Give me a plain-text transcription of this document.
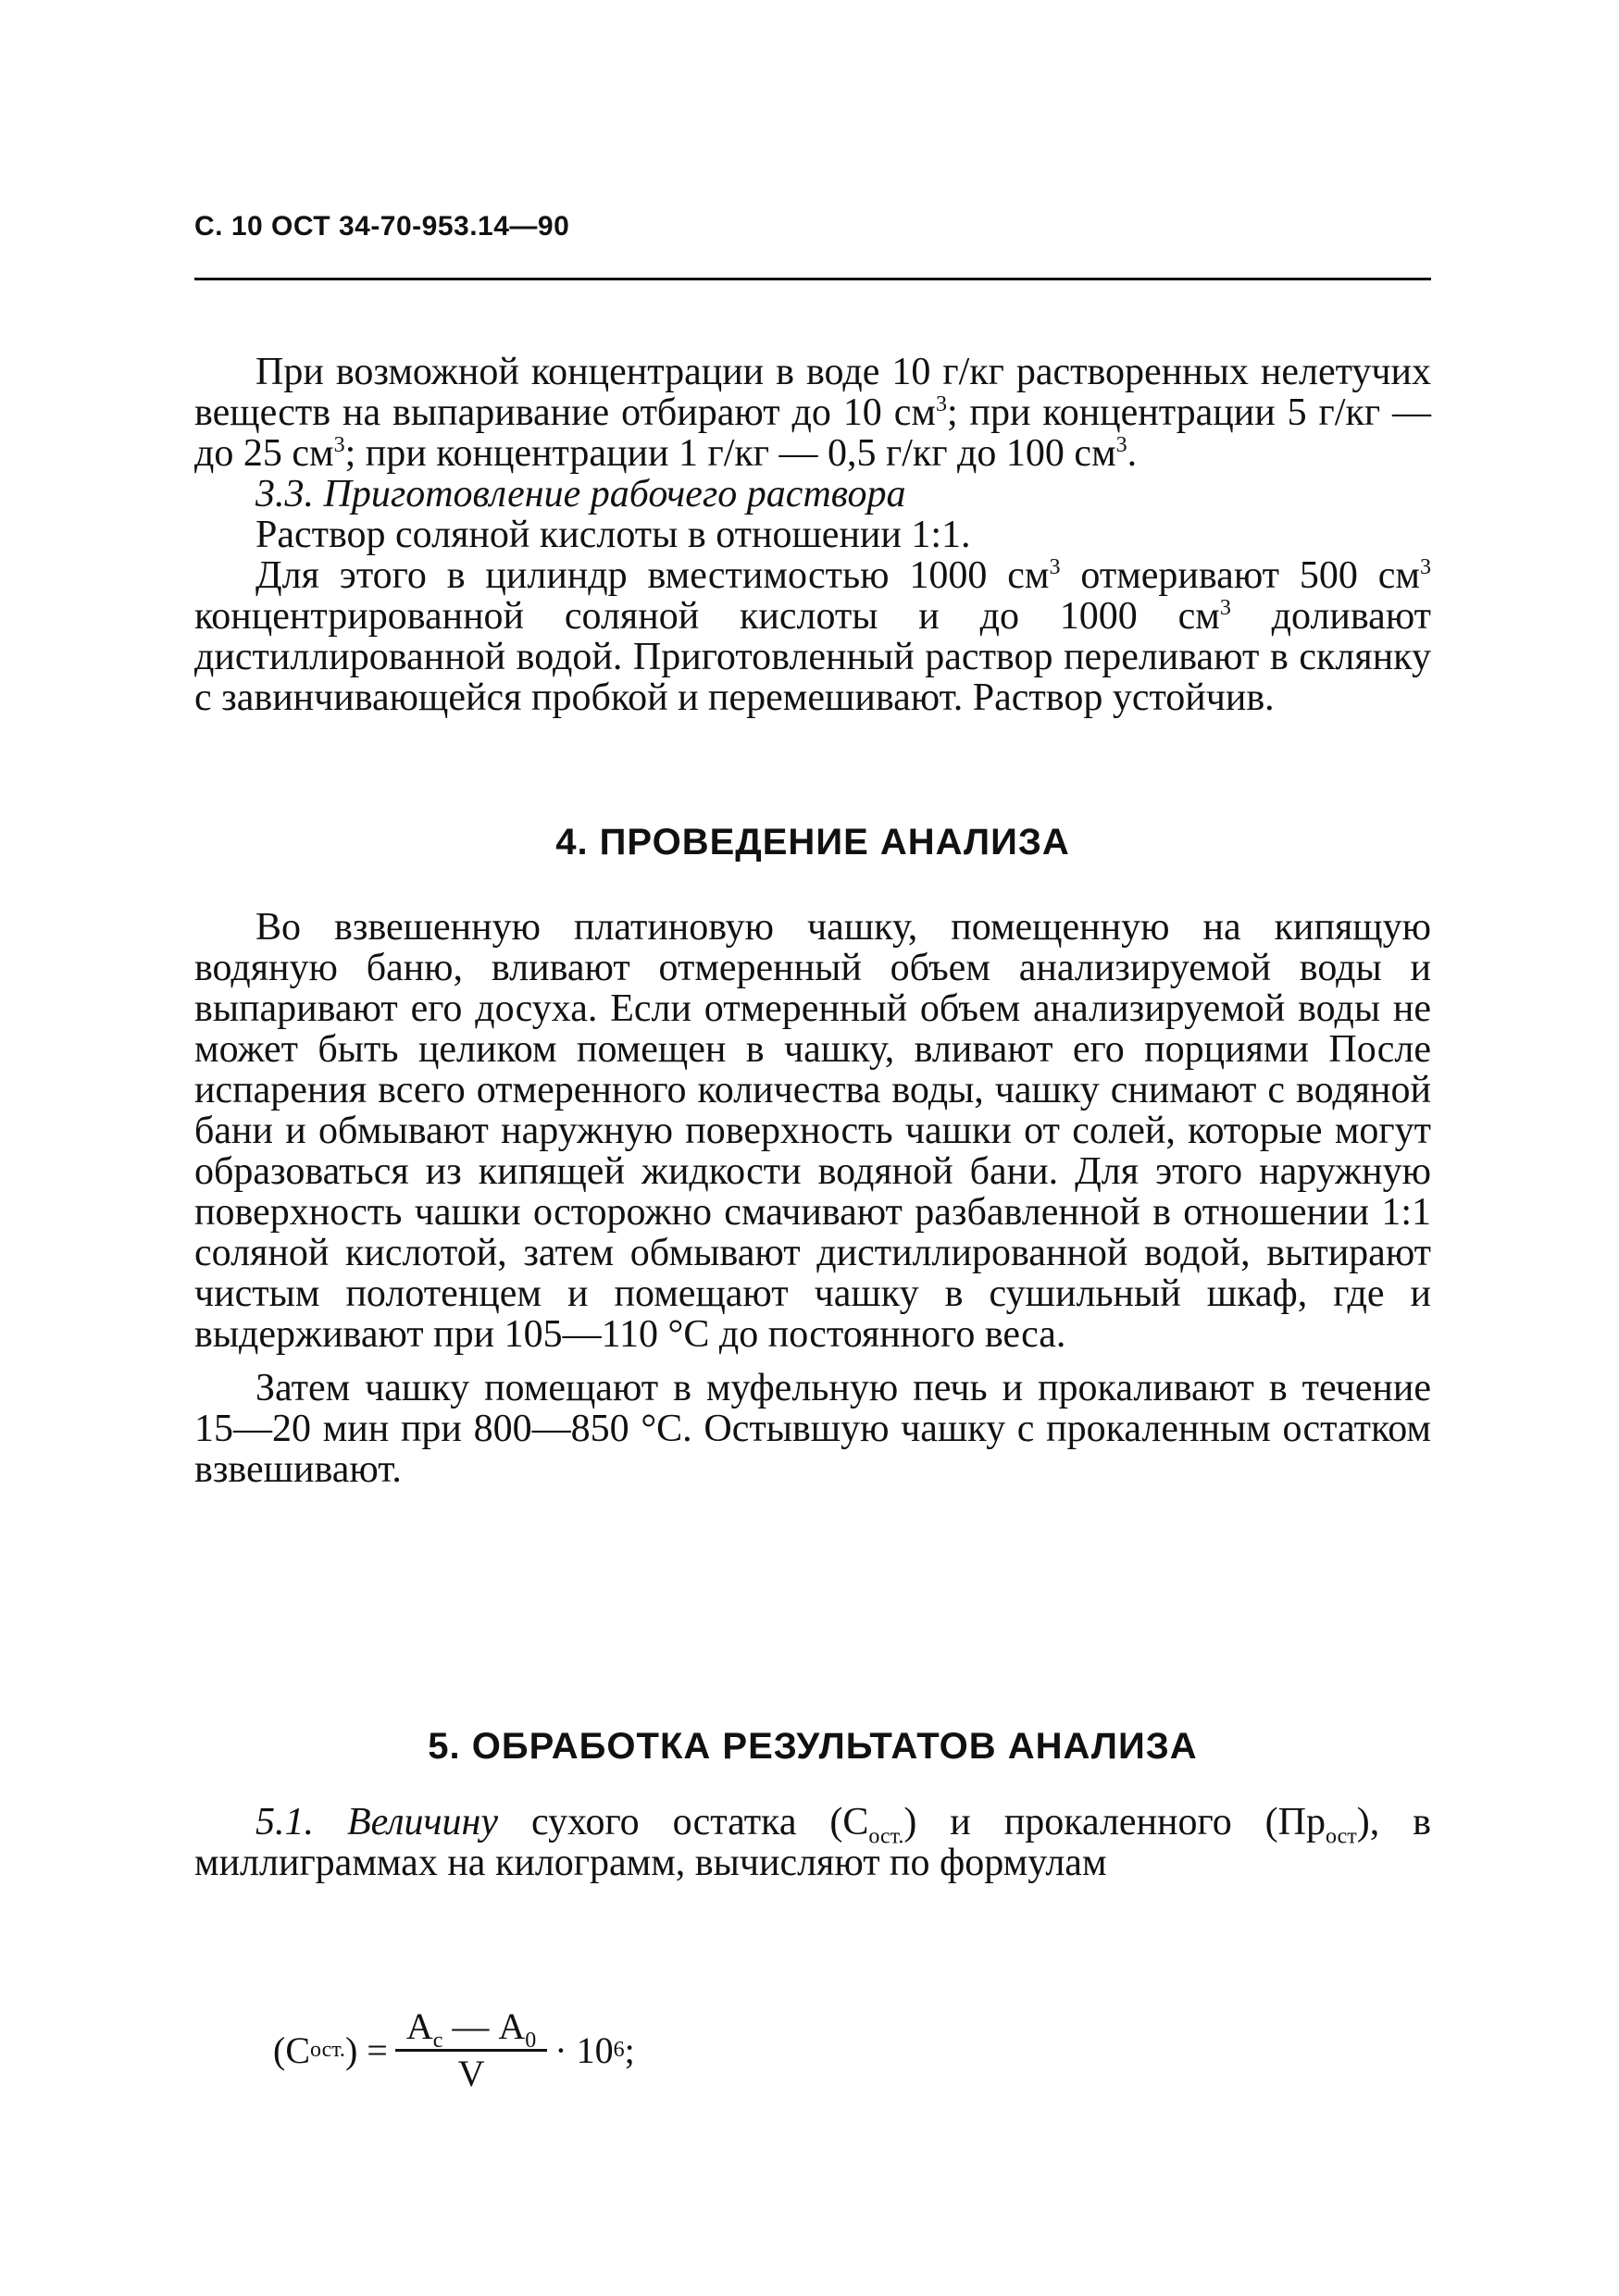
С. 10 ОСТ 34-70-953.14—90

При возможной концентрации в воде 10 г/кг растворенных нелетучих веществ на выпаривание отбирают до 10 $см^3$; при концентрации 5 г/кг — до 25 $см^3$; при концентрации 1 г/кг — 0,5 г/кг до 100 $см^3$.

3.3. Приготовление рабочего раствора

Раствор соляной кислоты в отношении 1:1.

Для этого в цилиндр вместимостью 1000 $см^3$ отмеривают 500 $см^3$ концентрированной соляной кислоты и до 1000 $см^3$ доливают дистиллированной водой. Приготовленный раствор переливают в склянку с завинчивающейся пробкой и перемешивают. Раствор устойчив.

4. ПРОВЕДЕНИЕ АНАЛИЗА

Во взвешенную платиновую чашку, помещенную на кипящую водяную баню, вливают отмеренный объем анализируемой воды и выпаривают его досуха. Если отмеренный объем анализируемой воды не может быть целиком помещен в чашку, вливают его порциями После испарения всего отмеренного количества воды, чашку снимают с водяной бани и обмывают наружную поверхность чашки от солей, которые могут образоваться из кипящей жидкости водяной бани. Для этого наружную поверхность чашки осторожно смачивают разбавленной в отношении 1:1 соляной кислотой, затем обмывают дистиллированной водой, вытирают чистым полотенцем и помещают чашку в сушильный шкаф, где и выдерживают при 105—110 °С до постоянного веса.

Затем чашку помещают в муфельную печь и прокаливают в течение 15—20 мин при 800—850 °С. Остывшую чашку с прокаленным остатком взвешивают.

5. ОБРАБОТКА РЕЗУЛЬТАТОВ АНАЛИЗА

5.1. Величину сухого остатка $(С_{ост.})$ и прокаленного $(Пр_{ост})$, в миллиграммах на килограмм, вычисляют по формулам

(С ост. ) = $\frac{А_с — А_0}{V} \cdot 10$ 6 ;
